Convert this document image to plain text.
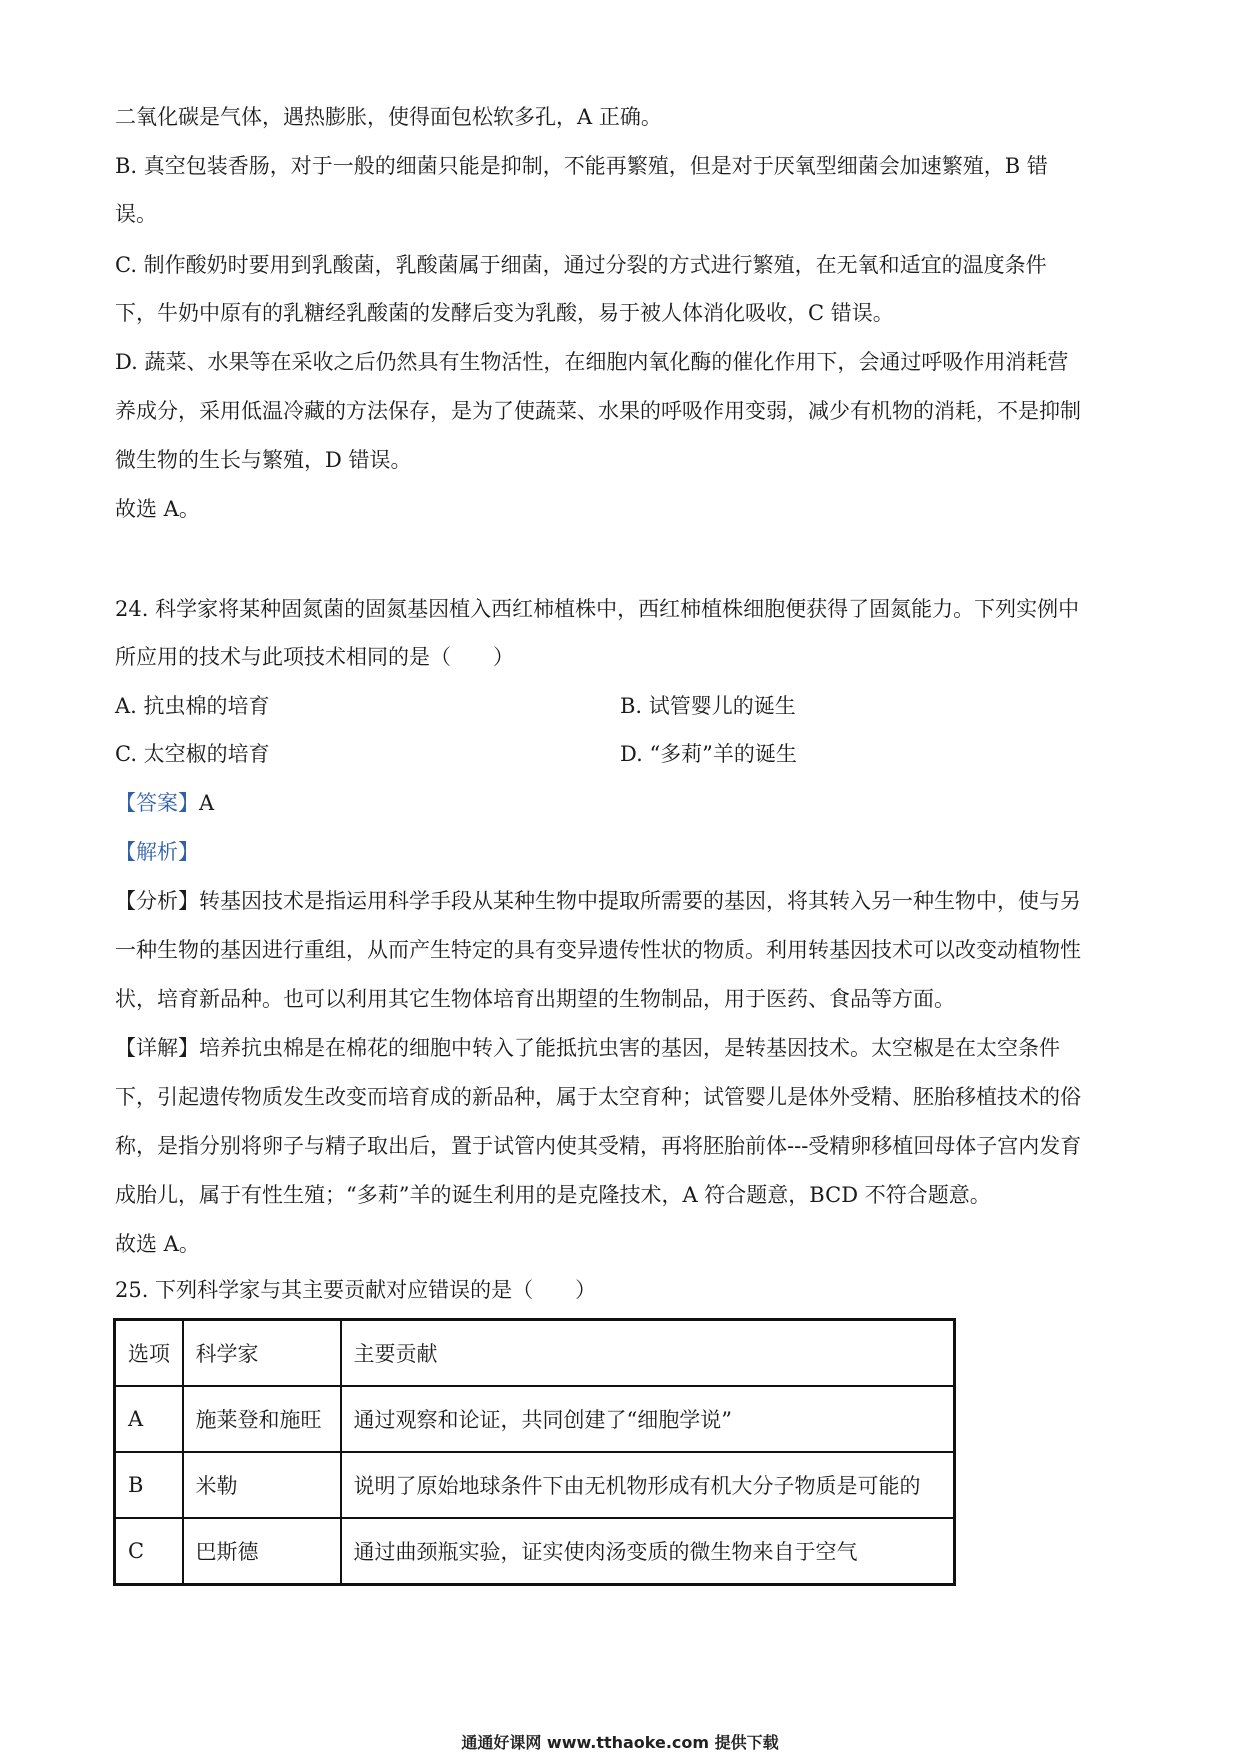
二氧化碳是气体，遇热膨胀，使得面包松软多孔，A 正确。
B. 真空包装香肠，对于一般的细菌只能是抑制，不能再繁殖，但是对于厌氧型细菌会加速繁殖，B 错
误。
C. 制作酸奶时要用到乳酸菌，乳酸菌属于细菌，通过分裂的方式进行繁殖，在无氧和适宜的温度条件
下，牛奶中原有的乳糖经乳酸菌的发酵后变为乳酸，易于被人体消化吸收，C 错误。
D. 蔬菜、水果等在采收之后仍然具有生物活性，在细胞内氧化酶的催化作用下，会通过呼吸作用消耗营
养成分，采用低温冷藏的方法保存，是为了使蔬菜、水果的呼吸作用变弱，减少有机物的消耗，不是抑制
微生物的生长与繁殖，D 错误。
故选 A。
24. 科学家将某种固氮菌的固氮基因植入西红柿植株中，西红柿植株细胞便获得了固氮能力。下列实例中
所应用的技术与此项技术相同的是（　　）
A. 抗虫棉的培育	B. 试管婴儿的诞生
C. 太空椒的培育	D. “多莉”羊的诞生
【答案】A
【解析】
【分析】转基因技术是指运用科学手段从某种生物中提取所需要的基因，将其转入另一种生物中，使与另
一种生物的基因进行重组，从而产生特定的具有变异遗传性状的物质。利用转基因技术可以改变动植物性
状，培育新品种。也可以利用其它生物体培育出期望的生物制品，用于医药、食品等方面。
【详解】培养抗虫棉是在棉花的细胞中转入了能抵抗虫害的基因，是转基因技术。太空椒是在太空条件
下，引起遗传物质发生改变而培育成的新品种，属于太空育种；试管婴儿是体外受精、胚胎移植技术的俗
称，是指分别将卵子与精子取出后，置于试管内使其受精，再将胚胎前体---受精卵移植回母体子宫内发育
成胎儿，属于有性生殖；“多莉”羊的诞生利用的是克隆技术，A 符合题意，BCD 不符合题意。
故选 A。
25. 下列科学家与其主要贡献对应错误的是（　　）
选项	科学家	主要贡献
A	施莱登和施旺	通过观察和论证，共同创建了“细胞学说”
B	米勒	说明了原始地球条件下由无机物形成有机大分子物质是可能的
C	巴斯德	通过曲颈瓶实验，证实使肉汤变质的微生物来自于空气
通通好课网 www.tthaoke.com 提供下载
